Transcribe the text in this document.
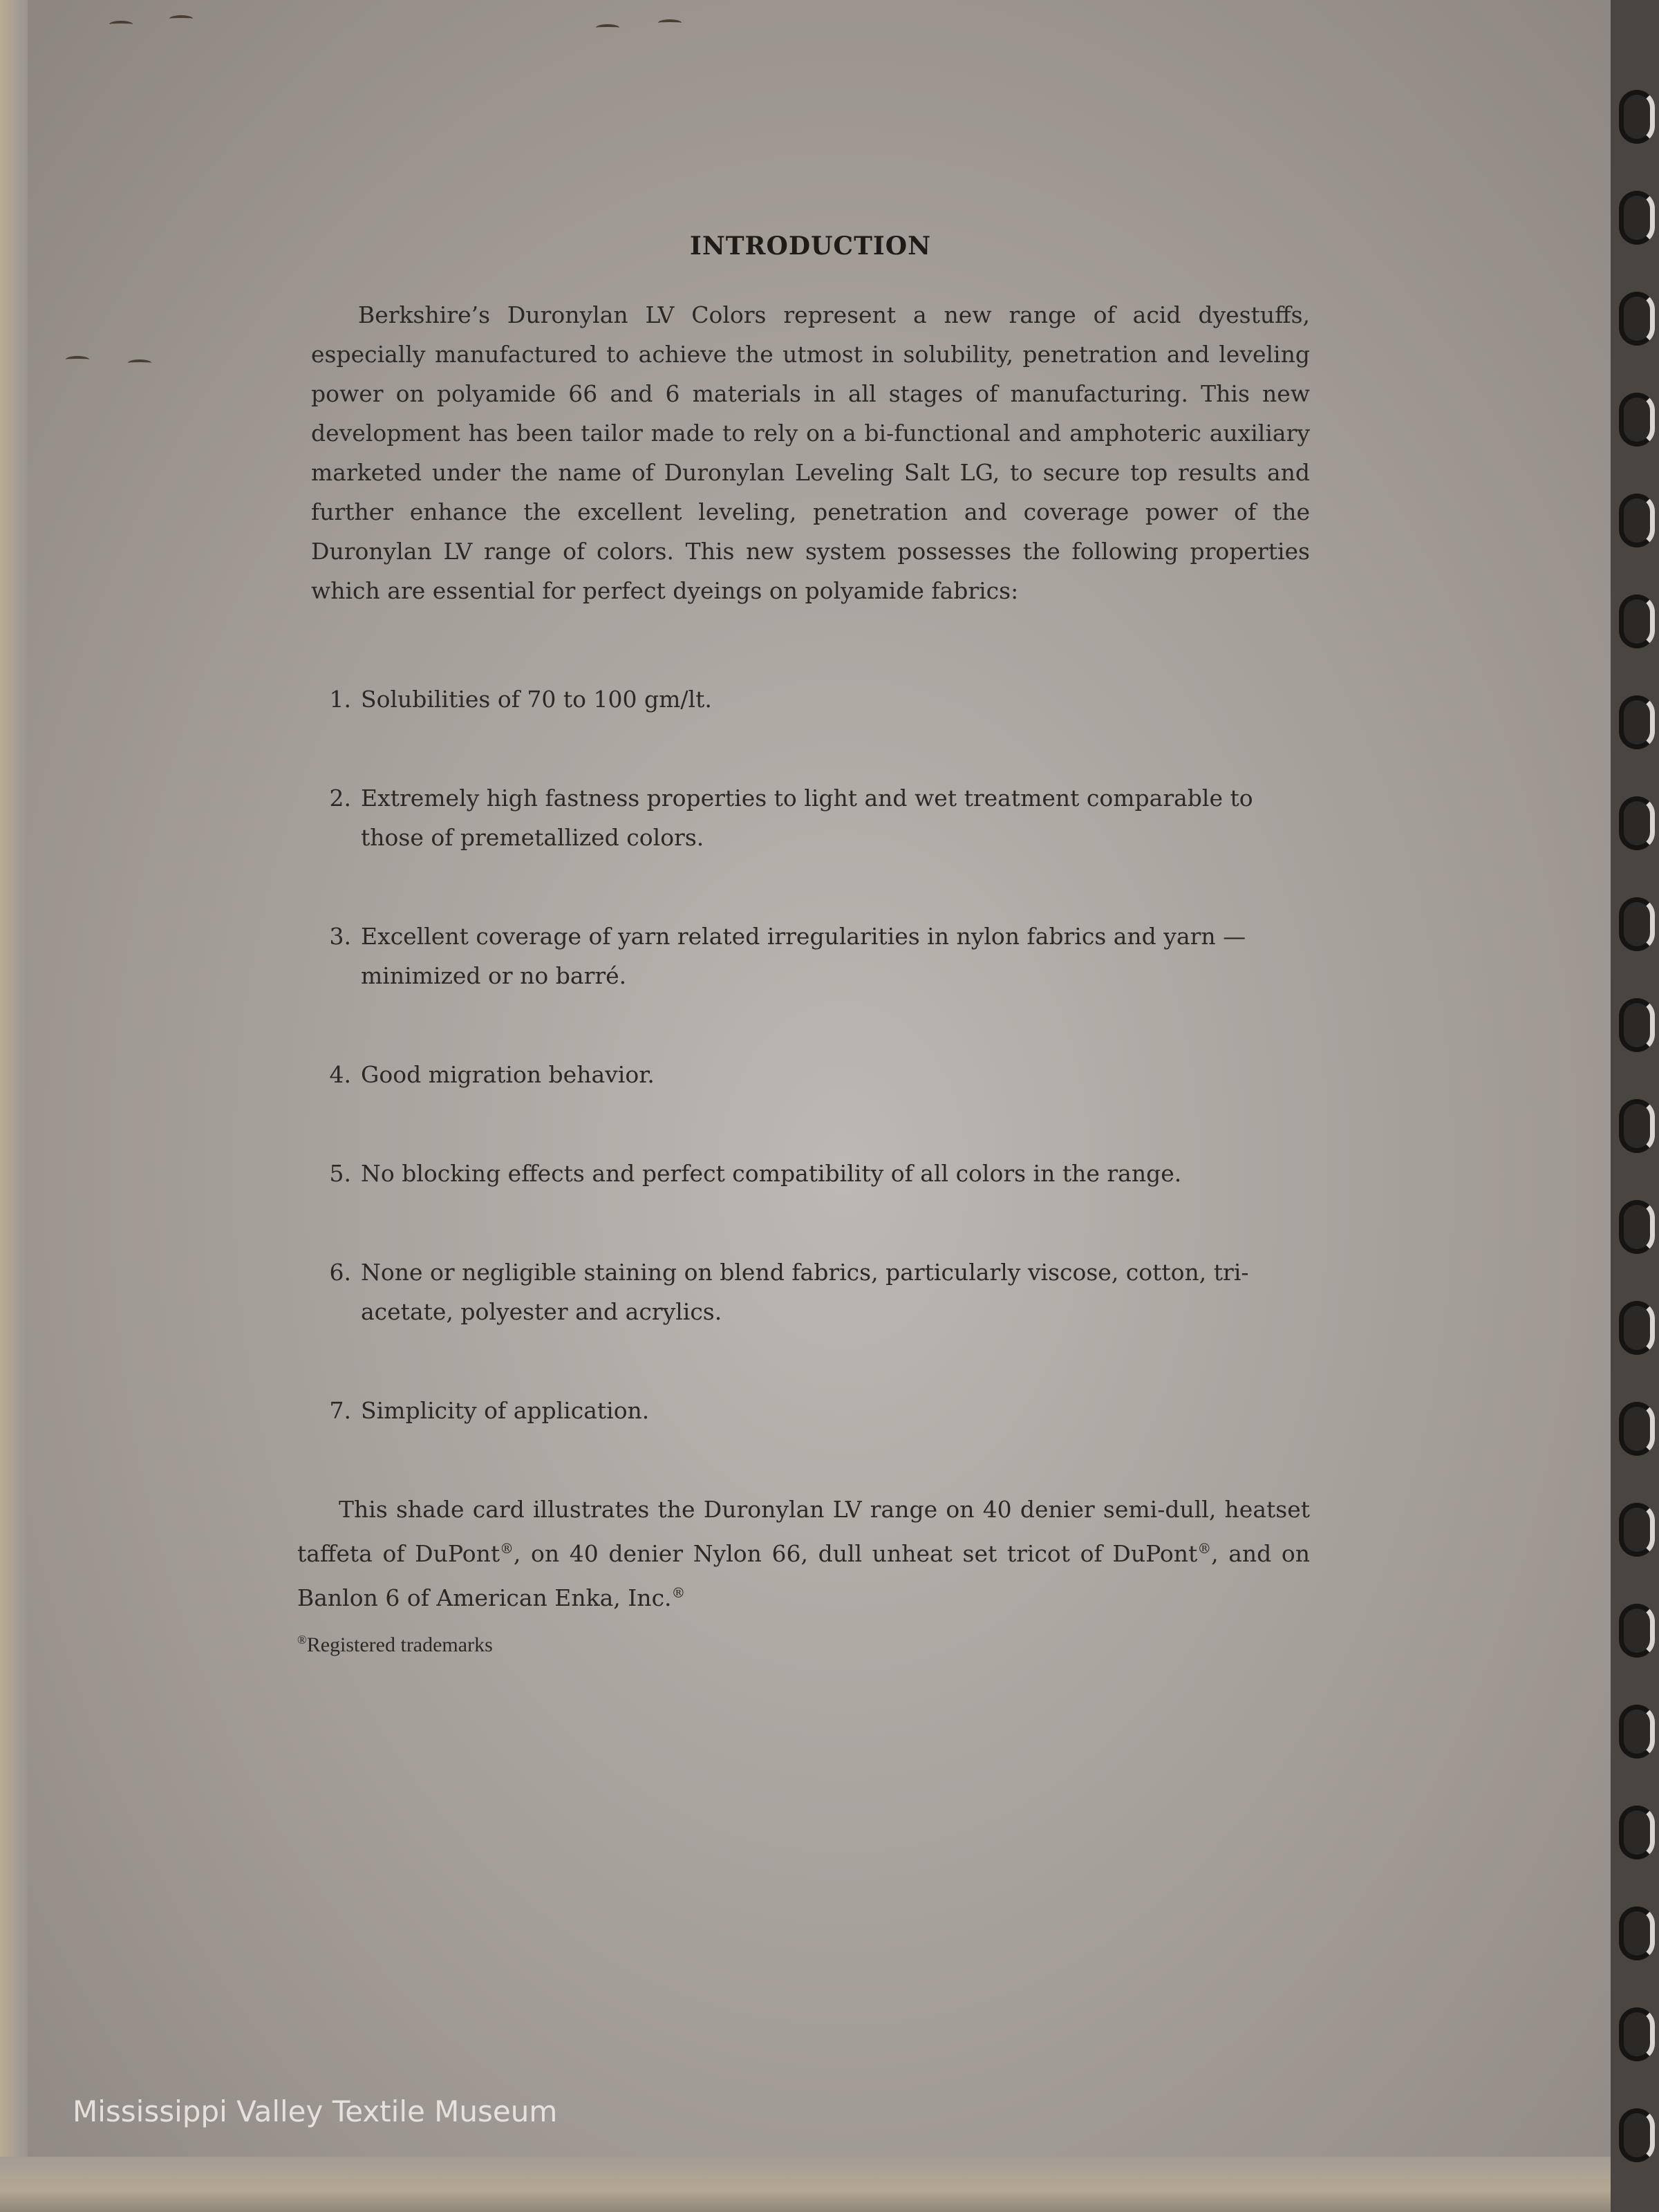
INTRODUCTION

Berkshire’s Duronylan LV Colors represent a new range of acid dyestuffs, especially manufactured to achieve the utmost in solubility, penetration and leveling power on polyamide 66 and 6 materials in all stages of manufacturing. This new development has been tailor made to rely on a bi-functional and amphoteric auxiliary marketed under the name of Duronylan Leveling Salt LG, to secure top results and further enhance the excellent leveling, penetration and coverage power of the Duronylan LV range of colors. This new system possesses the following properties which are essential for perfect dyeings on polyamide fabrics:

1. Solubilities of 70 to 100 gm/lt.
2. Extremely high fastness properties to light and wet treatment comparable to those of premetallized colors.
3. Excellent coverage of yarn related irregularities in nylon fabrics and yarn — minimized or no barré.
4. Good migration behavior.
5. No blocking effects and perfect compatibility of all colors in the range.
6. None or negligible staining on blend fabrics, particularly viscose, cotton, tri-acetate, polyester and acrylics.
7. Simplicity of application.

This shade card illustrates the Duronylan LV range on 40 denier semi-dull, heatset taffeta of DuPont®, on 40 denier Nylon 66, dull unheat set tricot of DuPont®, and on Banlon 6 of American Enka, Inc.®

®Registered trademarks

Mississippi Valley Textile Museum
